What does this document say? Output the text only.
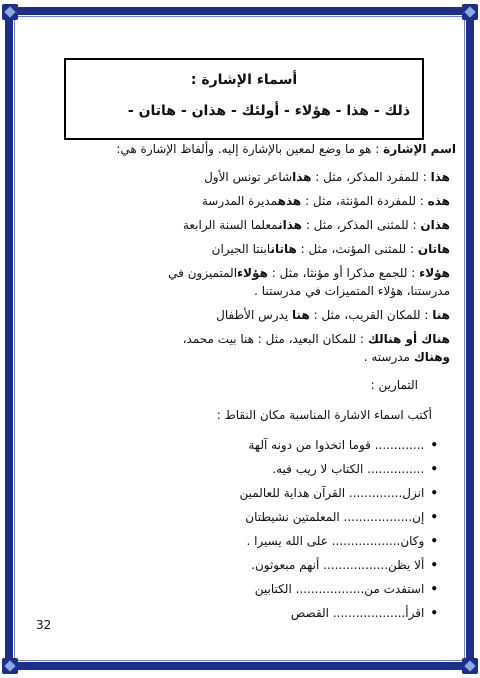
أسماء الإشارة :
ذلك - هذا - هؤلاء - أولئك - هذان - هاتان -
اسم الإشارة : هو ما وضع لمعين بالإشارة إليه. وألفاظ الإشارة هي:
هذا : للمفرد المذكر، مثل : هذاشاعر تونس الأول
هذه : للمفردة المؤنثة، مثل : هذهمديرة المدرسة
هذان : للمثنى المذكر، مثل : هذانمعلما السنة الرابعة
هاتان : للمثنى المؤنث، مثل : هاتانابنتا الجيران
هؤلاء : للجمع مذكرا أو مؤنثا، مثل : هؤلاءالمتميزون في
مدرستنا، هؤلاء المتميزات في مدرستنا .
هنا : للمكان القريب، مثل : هنا يدرس الأطفال
هناك أو هنالك : للمكان البعيد، مثل : هنا بيت محمد،
وهناك مدرسته .
التمارين :
أكتب اسماء الاشارة المناسبة مكان النقاط :
• ............. قوما اتخذوا من دونه آلهة
• ............... الكتاب لا ريب فيه.
• انزل.............. القرآن هداية للعالمين
• إن.................. المعلمتين نشيطتان
• وكان.................. على الله يسيرا .
• ألا يظن................. أنهم مبعوثون.
• استفدت من.................. الكتابين
• اقرأ................... القصص
32
